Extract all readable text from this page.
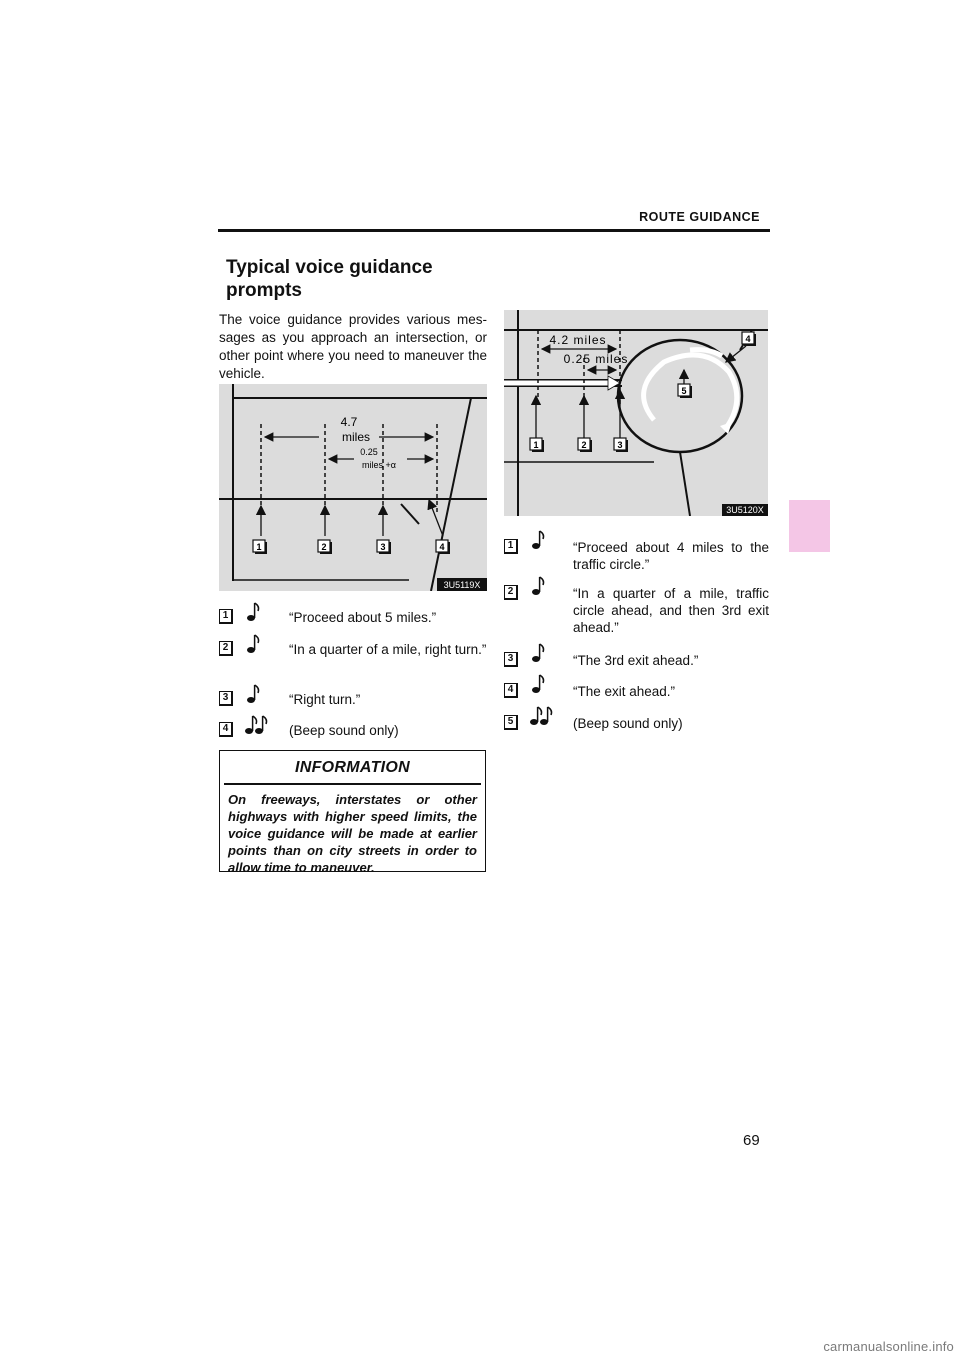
ROUTE GUIDANCE
Typical voice guidance prompts
The voice guidance provides various mes-sages as you approach an intersection, or other point where you need to maneuver the vehicle.
4.7
miles
0.25
miles +α
1	2	3	4
3U5119X
1	“Proceed about 5 miles.”
2	“In a quarter of a mile, right turn.”
3	“Right turn.”
4	(Beep sound only)
INFORMATION
On freeways, interstates or other highways with higher speed limits, the voice guidance will be made at earlier points than on city streets in order to allow time to maneuver.
4.2 miles
0.25 miles
1	2	3
4
5
3U5120X
1	“Proceed about 4 miles to the traffic circle.”
2	“In a quarter of a mile, traffic circle ahead, and then 3rd exit ahead.”
3	“The 3rd exit ahead.”
4	“The exit ahead.”
5	(Beep sound only)
69
carmanualsonline.info
